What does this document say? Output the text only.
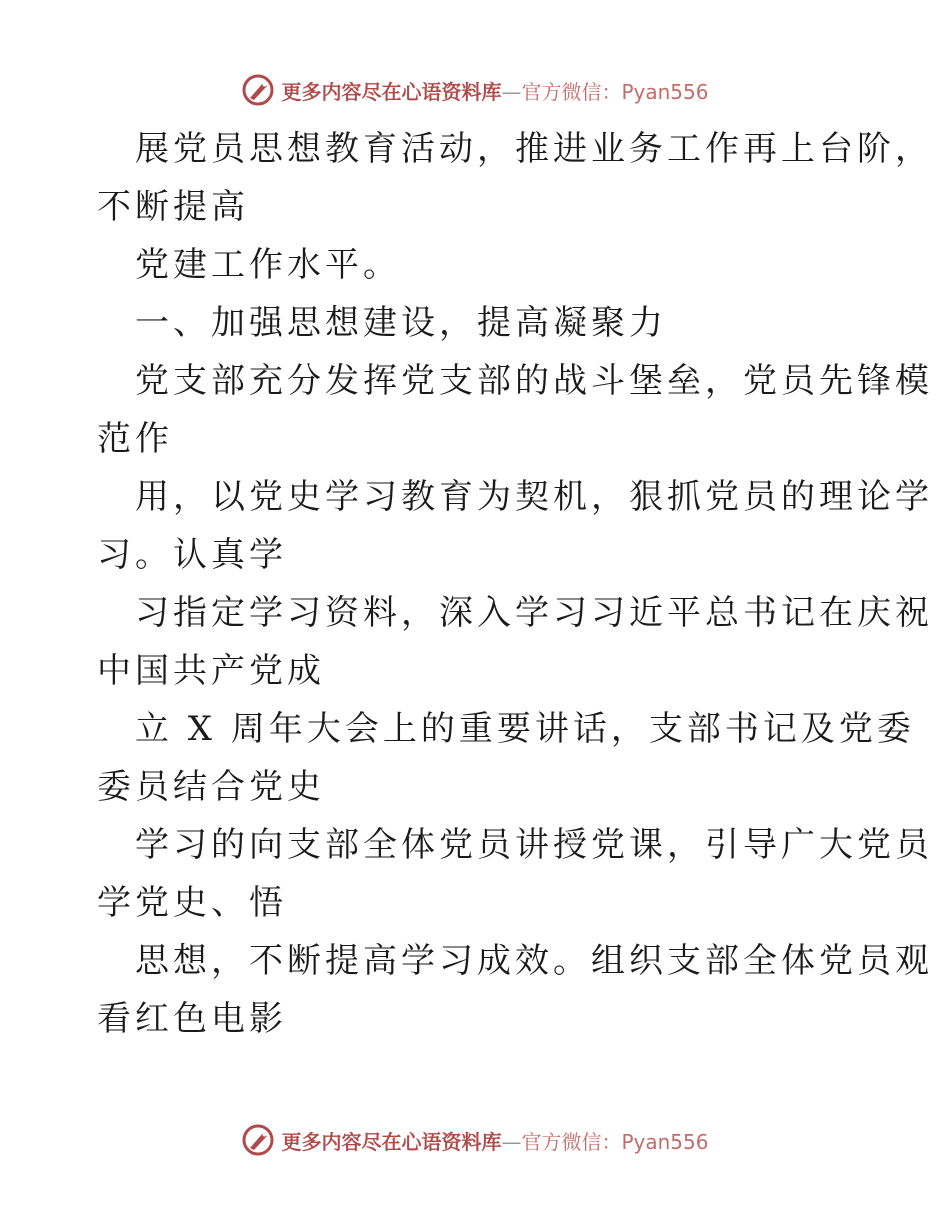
更多内容尽在心语资料库 — 官方微信：Pyan556

展党员思想教育活动，推进业务工作再上台阶，
不断提高

党建工作水平。

一、加强思想建设，提高凝聚力

党支部充分发挥党支部的战斗堡垒，党员先锋模
范作

用，以党史学习教育为契机，狠抓党员的理论学
习。认真学

习指定学习资料，深入学习习近平总书记在庆祝
中国共产党成

立 X 周年大会上的重要讲话，支部书记及党委
委员结合党史

学习的向支部全体党员讲授党课，引导广大党员
学党史、悟

思想，不断提高学习成效。组织支部全体党员观
看红色电影

更多内容尽在心语资料库 — 官方微信：Pyan556
